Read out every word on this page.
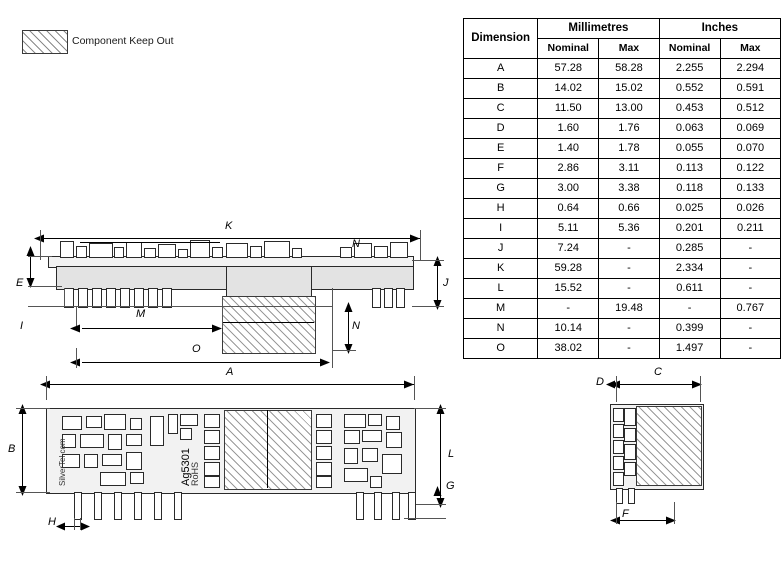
Component Keep Out	Dimension	Millimetres		Inches	
	Nominal	Max	Nominal	Max
A	57.28	58.28	2.255	2.294
B	14.02	15.02	0.552	0.591
C	11.50	13.00	0.453	0.512
D	1.60	1.76	0.063	0.069
E	1.40	1.78	0.055	0.070
F	2.86	3.11	0.113	0.122
G	3.00	3.38	0.118	0.133
H	0.64	0.66	0.025	0.026
I	5.11	5.36	0.201	0.211
J	7.24	-	0.285	-
K	59.28	-	2.334	-
L	15.52	-	0.611	-
M	-	19.48	-	0.767
N	10.14	-	0.399	-
O	38.02	-	1.497	-
K
E
I
J
M
O
N
N
A
SilverTel.com	Ag5301
RoHS
B	L
G
H
C
D
F
